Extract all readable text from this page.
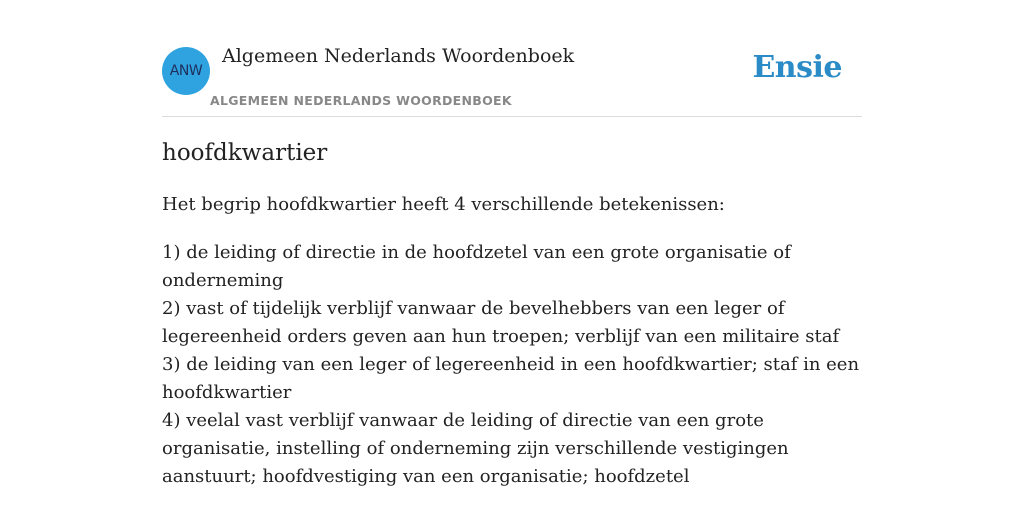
ANW
Algemeen Nederlands Woordenboek
ALGEMEEN NEDERLANDS WOORDENBOEK
Ensie
hoofdkwartier
Het begrip hoofdkwartier heeft 4 verschillende betekenissen:
1) de leiding of directie in de hoofdzetel van een grote organisatie of onderneming
2) vast of tijdelijk verblijf vanwaar de bevelhebbers van een leger of legereenheid orders geven aan hun troepen; verblijf van een militaire staf
3) de leiding van een leger of legereenheid in een hoofdkwartier; staf in een hoofdkwartier
4) veelal vast verblijf vanwaar de leiding of directie van een grote organisatie, instelling of onderneming zijn verschillende vestigingen aanstuurt; hoofdvestiging van een organisatie; hoofdzetel
